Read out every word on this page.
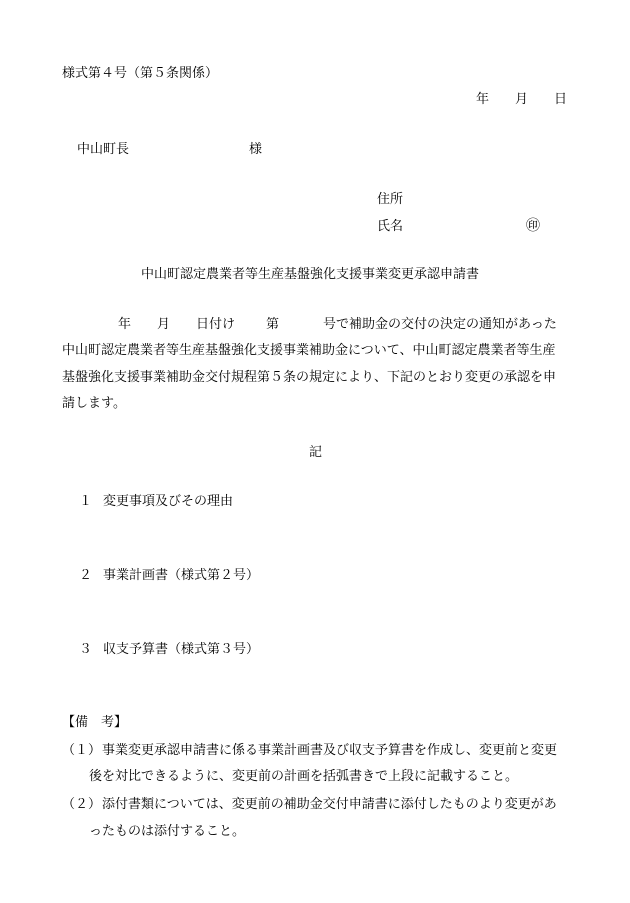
様式第４号（第５条関係）
年 月 日
中山町長	様
住所
氏名	㊞
中山町認定農業者等生産基盤強化支援事業変更承認申請書
年 月 日付け 第	号で補助金の交付の決定の通知があった
中山町認定農業者等生産基盤強化支援事業補助金について、中山町認定農業者等生産
基盤強化支援事業補助金交付規程第５条の規定により、下記のとおり変更の承認を申
請します。
記
１ 変更事項及びその理由
２ 事業計画書（様式第２号）
３ 収支予算書（様式第３号）
【備　考】
（１） 事業変更承認申請書に係る事業計画書及び収支予算書を作成し、変更前と変更
後を対比できるように、変更前の計画を括弧書きで上段に記載すること。
（２） 添付書類については、変更前の補助金交付申請書に添付したものより変更があ
ったものは添付すること。
